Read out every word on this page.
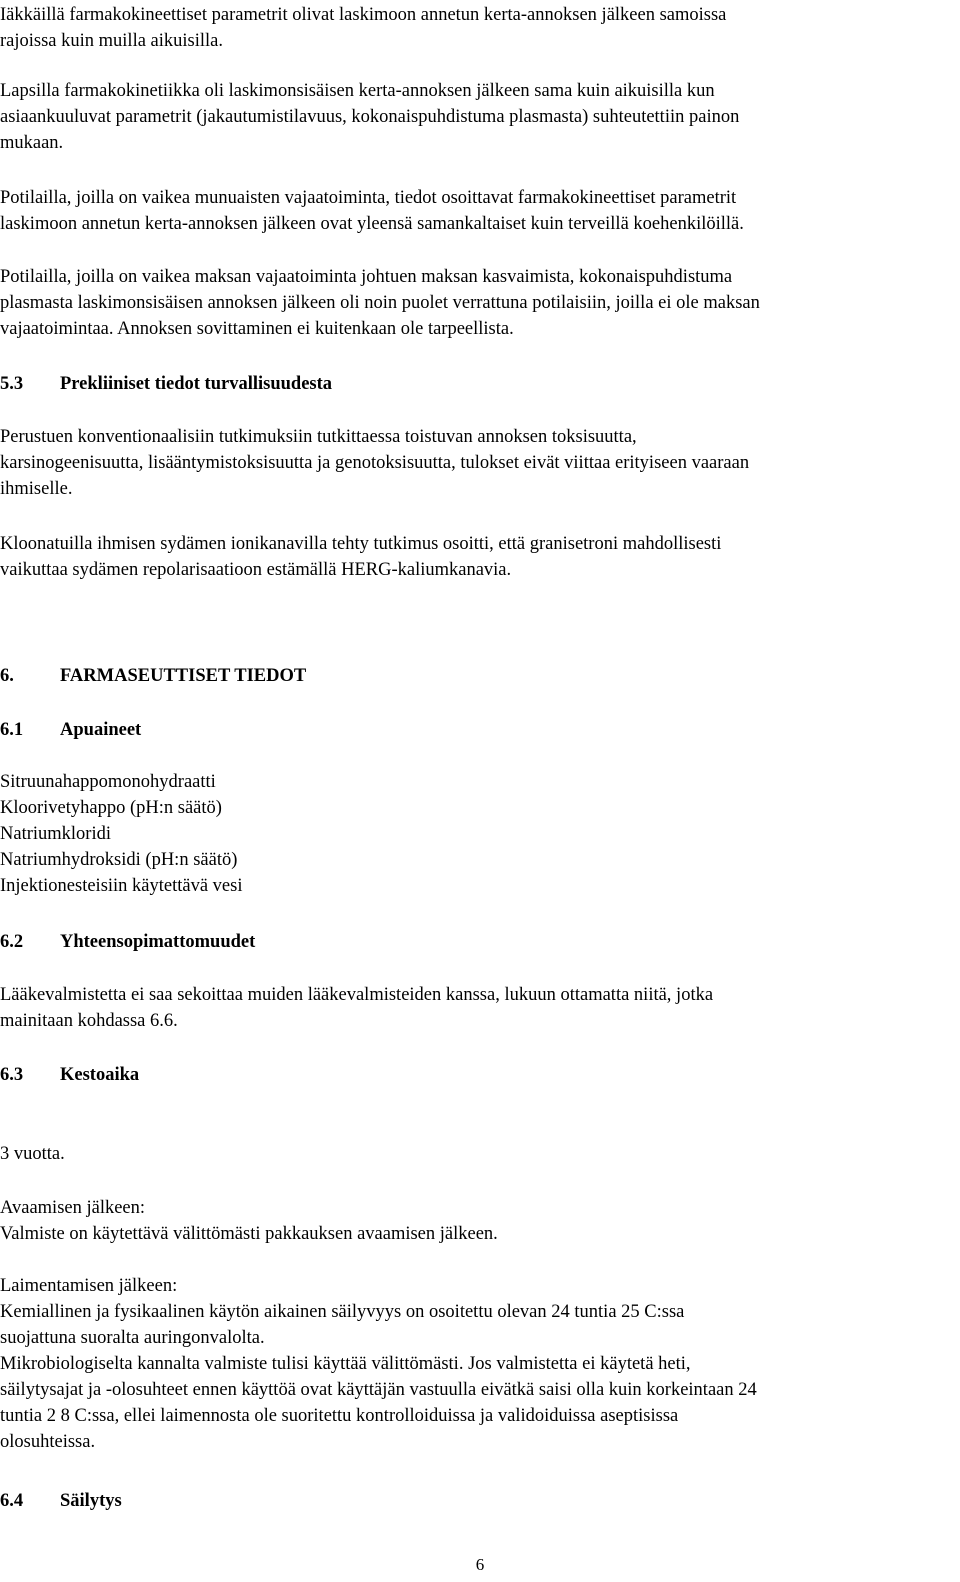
Iäkkäillä farmakokineettiset parametrit olivat laskimoon annetun kerta-annoksen jälkeen samoissa
rajoissa kuin muilla aikuisilla.
Lapsilla farmakokinetiikka oli laskimonsisäisen kerta-annoksen jälkeen sama kuin aikuisilla kun
asiaankuuluvat parametrit (jakautumistilavuus, kokonaispuhdistuma plasmasta) suhteutettiin painon
mukaan.
Potilailla, joilla on vaikea munuaisten vajaatoiminta, tiedot osoittavat farmakokineettiset parametrit
laskimoon annetun kerta-annoksen jälkeen ovat yleensä samankaltaiset kuin terveillä koehenkilöillä.
Potilailla, joilla on vaikea maksan vajaatoiminta johtuen maksan kasvaimista, kokonaispuhdistuma
plasmasta laskimonsisäisen annoksen jälkeen oli noin puolet verrattuna potilaisiin, joilla ei ole maksan
vajaatoimintaa. Annoksen sovittaminen ei kuitenkaan ole tarpeellista.
5.3 Prekliiniset tiedot turvallisuudesta
Perustuen konventionaalisiin tutkimuksiin tutkittaessa toistuvan annoksen toksisuutta,
karsinogeenisuutta, lisääntymistoksisuutta ja genotoksisuutta, tulokset eivät viittaa erityiseen vaaraan
ihmiselle.
Kloonatuilla ihmisen sydämen ionikanavilla tehty tutkimus osoitti, että granisetroni mahdollisesti
vaikuttaa sydämen repolarisaatioon estämällä HERG-kaliumkanavia.
6. FARMASEUTTISET TIEDOT
6.1 Apuaineet
Sitruunahappomonohydraatti
Kloorivetyhappo (pH:n säätö)
Natriumkloridi
Natriumhydroksidi (pH:n säätö)
Injektionesteisiin käytettävä vesi
6.2 Yhteensopimattomuudet
Lääkevalmistetta ei saa sekoittaa muiden lääkevalmisteiden kanssa, lukuun ottamatta niitä, jotka
mainitaan kohdassa 6.6.
6.3 Kestoaika
3 vuotta.
Avaamisen jälkeen:
Valmiste on käytettävä välittömästi pakkauksen avaamisen jälkeen.
Laimentamisen jälkeen:
Kemiallinen ja fysikaalinen käytön aikainen säilyvyys on osoitettu olevan 24 tuntia 25 C:ssa
suojattuna suoralta auringonvalolta.
Mikrobiologiselta kannalta valmiste tulisi käyttää välittömästi. Jos valmistetta ei käytetä heti,
säilytysajat ja -olosuhteet ennen käyttöä ovat käyttäjän vastuulla eivätkä saisi olla kuin korkeintaan 24
tuntia 2 8 C:ssa, ellei laimennosta ole suoritettu kontrolloiduissa ja validoiduissa aseptisissa
olosuhteissa.
6.4 Säilytys
6
